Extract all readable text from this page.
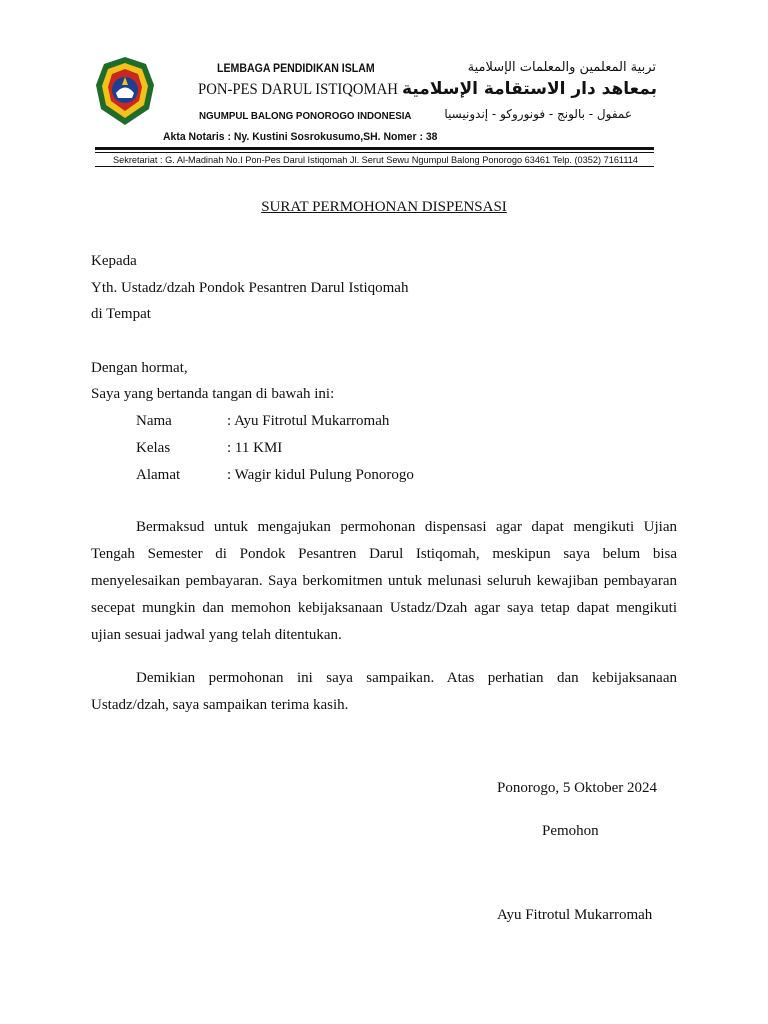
LEMBAGA PENDIDIKAN ISLAM
PON-PES DARUL ISTIQOMAH
NGUMPUL BALONG PONOROGO INDONESIA
Akta Notaris : Ny. Kustini Sosrokusumo,SH. Nomer : 38
تربية المعلمين والمعلمات الإسلامية
بمعاهد دار الاستقامة الإسلامية
عمفول - بالونج - فونوروكو - إندونيسيا
Sekretariat : G. Al-Madinah No.I Pon-Pes Darul Istiqomah Jl. Serut Sewu Ngumpul Balong Ponorogo 63461 Telp. (0352) 7161114
SURAT PERMOHONAN DISPENSASI
Kepada
Yth. Ustadz/dzah Pondok Pesantren Darul Istiqomah
di Tempat
Dengan hormat,
Saya yang bertanda tangan di bawah ini:
Nama	: Ayu Fitrotul Mukarromah
Kelas	: 11 KMI
Alamat	: Wagir kidul Pulung Ponorogo
Bermaksud untuk mengajukan permohonan dispensasi agar dapat mengikuti Ujian Tengah Semester di Pondok Pesantren Darul Istiqomah, meskipun saya belum bisa menyelesaikan pembayaran. Saya berkomitmen untuk melunasi seluruh kewajiban pembayaran secepat mungkin dan memohon kebijaksanaan Ustadz/Dzah agar saya tetap dapat mengikuti ujian sesuai jadwal yang telah ditentukan.
Demikian permohonan ini saya sampaikan. Atas perhatian dan kebijaksanaan Ustadz/dzah, saya sampaikan terima kasih.
Ponorogo, 5 Oktober 2024
Pemohon
Ayu Fitrotul Mukarromah
